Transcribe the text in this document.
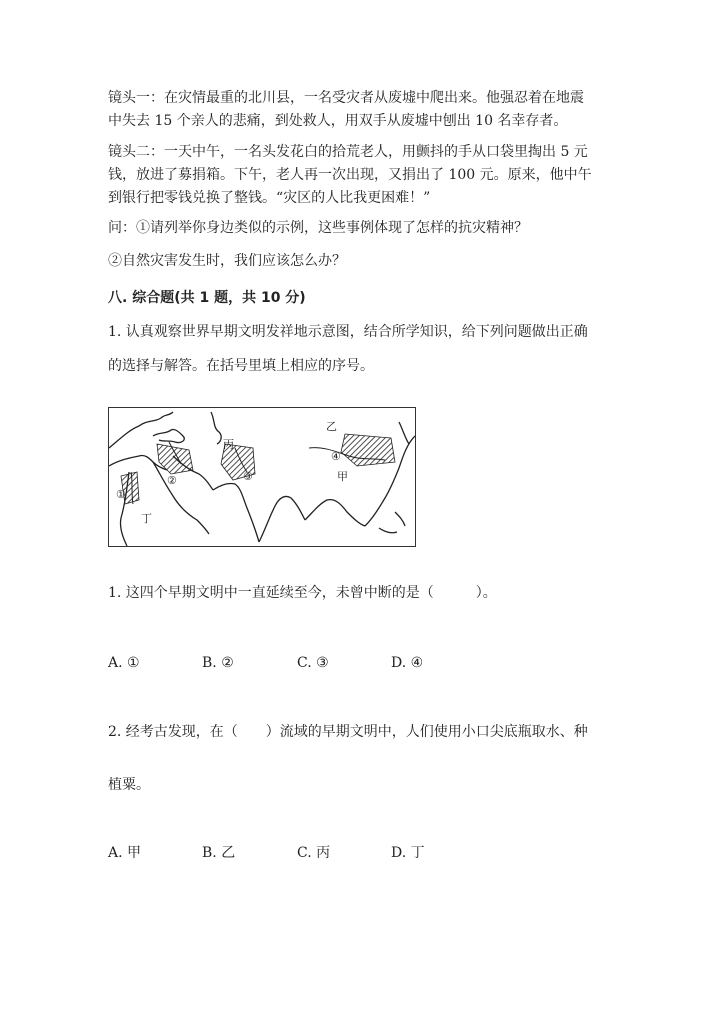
镜头一：在灾情最重的北川县，一名受灾者从废墟中爬出来。他强忍着在地震
中失去 15 个亲人的悲痛，到处救人，用双手从废墟中刨出 10 名幸存者。
镜头二：一天中午，一名头发花白的拾荒老人，用颤抖的手从口袋里掏出 5 元
钱，放进了募捐箱。下午，老人再一次出现，又捐出了 100 元。原来，他中午
到银行把零钱兑换了整钱。“灾区的人比我更困难！”
问：①请列举你身边类似的示例，这些事例体现了怎样的抗灾精神？
②自然灾害发生时，我们应该怎么办？
八. 综合题(共 1 题，共 10 分)
1. 认真观察世界早期文明发祥地示意图，结合所学知识，给下列问题做出正确
的选择与解答。在括号里填上相应的序号。
乙
丙
甲
丁
①
②	③
④
1. 这四个早期文明中一直延续至今，未曾中断的是（　　　）。
A. ①	B. ②	C. ③	D. ④
2. 经考古发现，在（　　）流域的早期文明中，人们使用小口尖底瓶取水、种
植粟。
A. 甲	B. 乙	C. 丙	D. 丁
